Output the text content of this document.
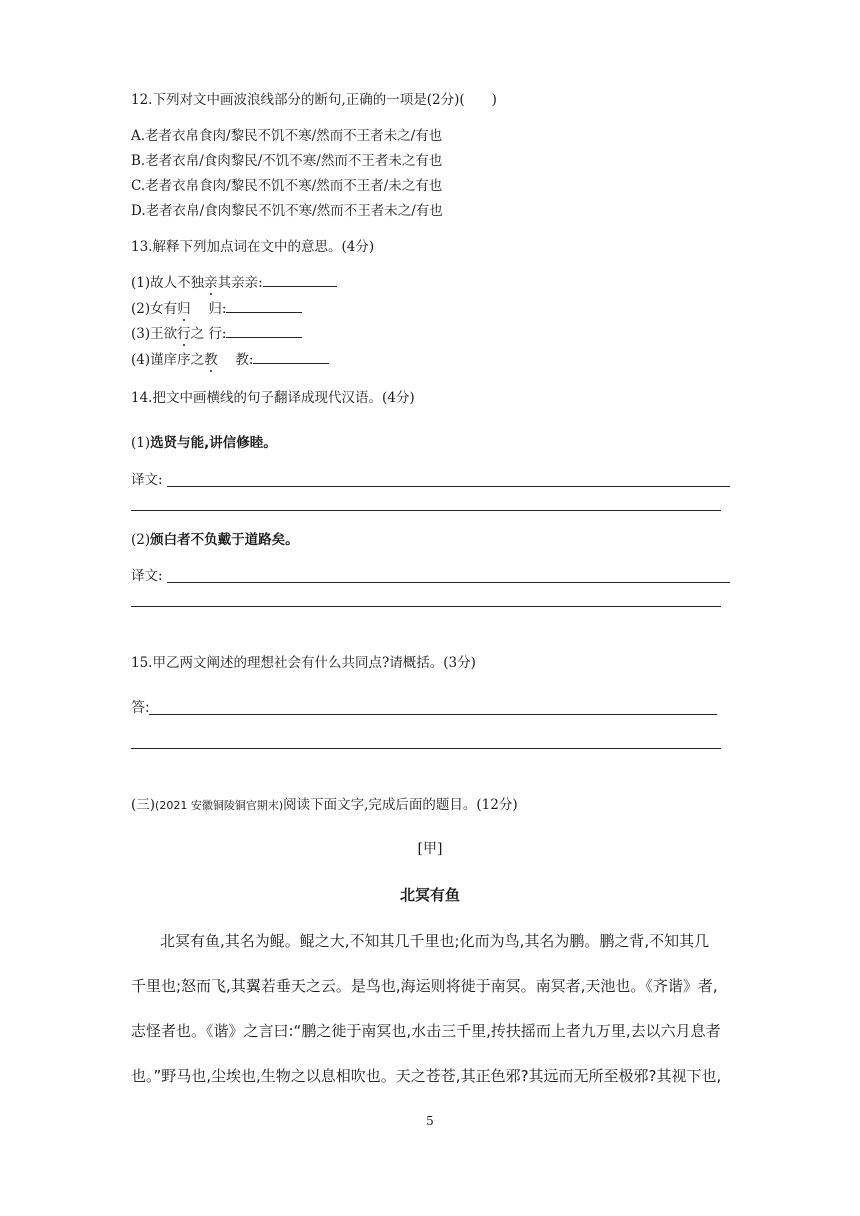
12.下列对文中画波浪线部分的断句,正确的一项是(2分)(　　)
A.老者衣帛食肉/黎民不饥不寒/然而不王者未之/有也
B.老者衣帛/食肉黎民/不饥不寒/然而不王者未之有也
C.老者衣帛食肉/黎民不饥不寒/然而不王者/未之有也
D.老者衣帛/食肉黎民不饥不寒/然而不王者未之/有也
13.解释下列加点词在文中的意思。(4分)
(1)故人不独亲其亲亲:
(2)女有归　 归:
(3)王欲行之 行:
(4)谨庠序之教　 教:
14.把文中画横线的句子翻译成现代汉语。(4分)
(1)选贤与能,讲信修睦。
译文:
(2)颁白者不负戴于道路矣。
译文:
15.甲乙两文阐述的理想社会有什么共同点?请概括。(3分)
答:
(三)(2021 安徽铜陵铜官期末)阅读下面文字,完成后面的题目。(12分)
[甲]
北冥有鱼
北冥有鱼,其名为鲲。鲲之大,不知其几千里也;化而为鸟,其名为鹏。鹏之背,不知其几
千里也;怒而飞,其翼若垂天之云。是鸟也,海运则将徙于南冥。南冥者,天池也。《齐谐》者,
志怪者也。《谐》之言曰:“鹏之徙于南冥也,水击三千里,抟扶摇而上者九万里,去以六月息者
也。”野马也,尘埃也,生物之以息相吹也。天之苍苍,其正色邪?其远而无所至极邪?其视下也,
5
